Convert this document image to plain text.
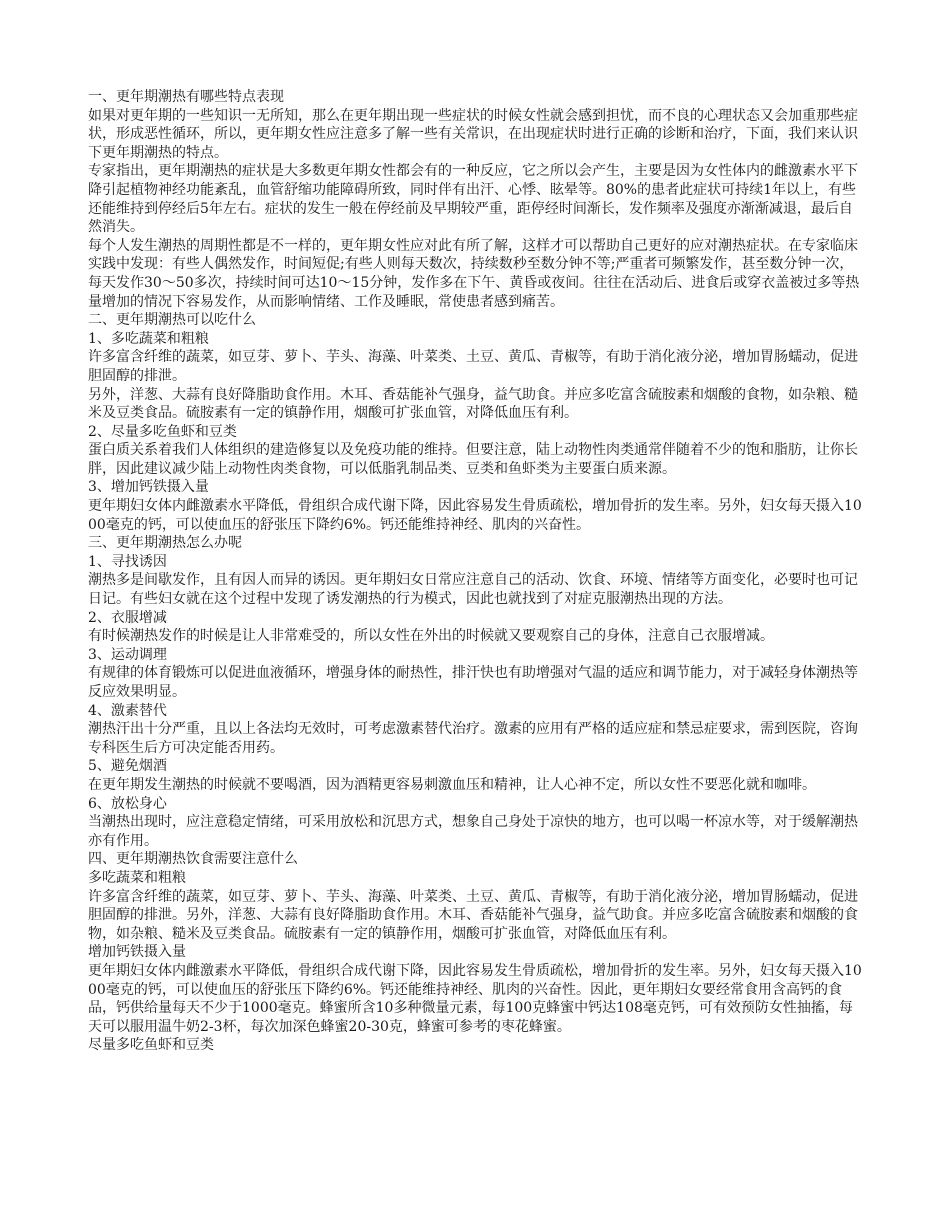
一、更年期潮热有哪些特点表现

如果对更年期的一些知识一无所知，那么在更年期出现一些症状的时候女性就会感到担忧，而不良的心理状态又会加重那些症状，形成恶性循环，所以，更年期女性应注意多了解一些有关常识，在出现症状时进行正确的诊断和治疗，下面，我们来认识下更年期潮热的特点。

专家指出，更年期潮热的症状是大多数更年期女性都会有的一种反应，它之所以会产生，主要是因为女性体内的雌激素水平下降引起植物神经功能紊乱，血管舒缩功能障碍所致，同时伴有出汗、心悸、眩晕等。80%的患者此症状可持续1年以上，有些还能维持到停经后5年左右。症状的发生一般在停经前及早期较严重，距停经时间渐长，发作频率及强度亦渐渐减退，最后自然消失。

每个人发生潮热的周期性都是不一样的，更年期女性应对此有所了解，这样才可以帮助自己更好的应对潮热症状。在专家临床实践中发现：有些人偶然发作，时间短促;有些人则每天数次，持续数秒至数分钟不等;严重者可频繁发作，甚至数分钟一次，每天发作30～50多次，持续时间可达10～15分钟，发作多在下午、黄昏或夜间。往往在活动后、进食后或穿衣盖被过多等热量增加的情况下容易发作，从而影响情绪、工作及睡眠，常使患者感到痛苦。

二、更年期潮热可以吃什么

1、多吃蔬菜和粗粮

许多富含纤维的蔬菜，如豆芽、萝卜、芋头、海藻、叶菜类、土豆、黄瓜、青椒等，有助于消化液分泌，增加胃肠蠕动，促进胆固醇的排泄。

另外，洋葱、大蒜有良好降脂助食作用。木耳、香菇能补气强身，益气助食。并应多吃富含硫胺素和烟酸的食物，如杂粮、糙米及豆类食品。硫胺素有一定的镇静作用，烟酸可扩张血管，对降低血压有利。

2、尽量多吃鱼虾和豆类

蛋白质关系着我们人体组织的建造修复以及免疫功能的维持。但要注意，陆上动物性肉类通常伴随着不少的饱和脂肪，让你长胖，因此建议减少陆上动物性肉类食物，可以低脂乳制品类、豆类和鱼虾类为主要蛋白质来源。

3、增加钙铁摄入量

更年期妇女体内雌激素水平降低，骨组织合成代谢下降，因此容易发生骨质疏松，增加骨折的发生率。另外，妇女每天摄入1000毫克的钙，可以使血压的舒张压下降约6%。钙还能维持神经、肌肉的兴奋性。

三、更年期潮热怎么办呢

1、寻找诱因

潮热多是间歇发作，且有因人而异的诱因。更年期妇女日常应注意自己的活动、饮食、环境、情绪等方面变化，必要时也可记日记。有些妇女就在这个过程中发现了诱发潮热的行为模式，因此也就找到了对症克服潮热出现的方法。

2、衣服增减

有时候潮热发作的时候是让人非常难受的，所以女性在外出的时候就又要观察自己的身体，注意自己衣服增减。

3、运动调理

有规律的体育锻炼可以促进血液循环，增强身体的耐热性，排汗快也有助增强对气温的适应和调节能力，对于减轻身体潮热等反应效果明显。

4、激素替代

潮热汗出十分严重，且以上各法均无效时，可考虑激素替代治疗。激素的应用有严格的适应症和禁忌症要求，需到医院，咨询专科医生后方可决定能否用药。

5、避免烟酒

在更年期发生潮热的时候就不要喝酒，因为酒精更容易刺激血压和精神，让人心神不定，所以女性不要恶化就和咖啡。

6、放松身心

当潮热出现时，应注意稳定情绪，可采用放松和沉思方式，想象自己身处于凉快的地方，也可以喝一杯凉水等，对于缓解潮热亦有作用。

四、更年期潮热饮食需要注意什么

多吃蔬菜和粗粮

许多富含纤维的蔬菜，如豆芽、萝卜、芋头、海藻、叶菜类、土豆、黄瓜、青椒等，有助于消化液分泌，增加胃肠蠕动，促进胆固醇的排泄。另外，洋葱、大蒜有良好降脂助食作用。木耳、香菇能补气强身，益气助食。并应多吃富含硫胺素和烟酸的食物，如杂粮、糙米及豆类食品。硫胺素有一定的镇静作用，烟酸可扩张血管，对降低血压有利。

增加钙铁摄入量

更年期妇女体内雌激素水平降低，骨组织合成代谢下降，因此容易发生骨质疏松，增加骨折的发生率。另外，妇女每天摄入1000毫克的钙，可以使血压的舒张压下降约6%。钙还能维持神经、肌肉的兴奋性。因此，更年期妇女要经常食用含高钙的食品，钙供给量每天不少于1000毫克。蜂蜜所含10多种微量元素，每100克蜂蜜中钙达108毫克钙，可有效预防女性抽搐，每天可以服用温牛奶2-3杯，每次加深色蜂蜜20-30克，蜂蜜可参考的枣花蜂蜜。

尽量多吃鱼虾和豆类
